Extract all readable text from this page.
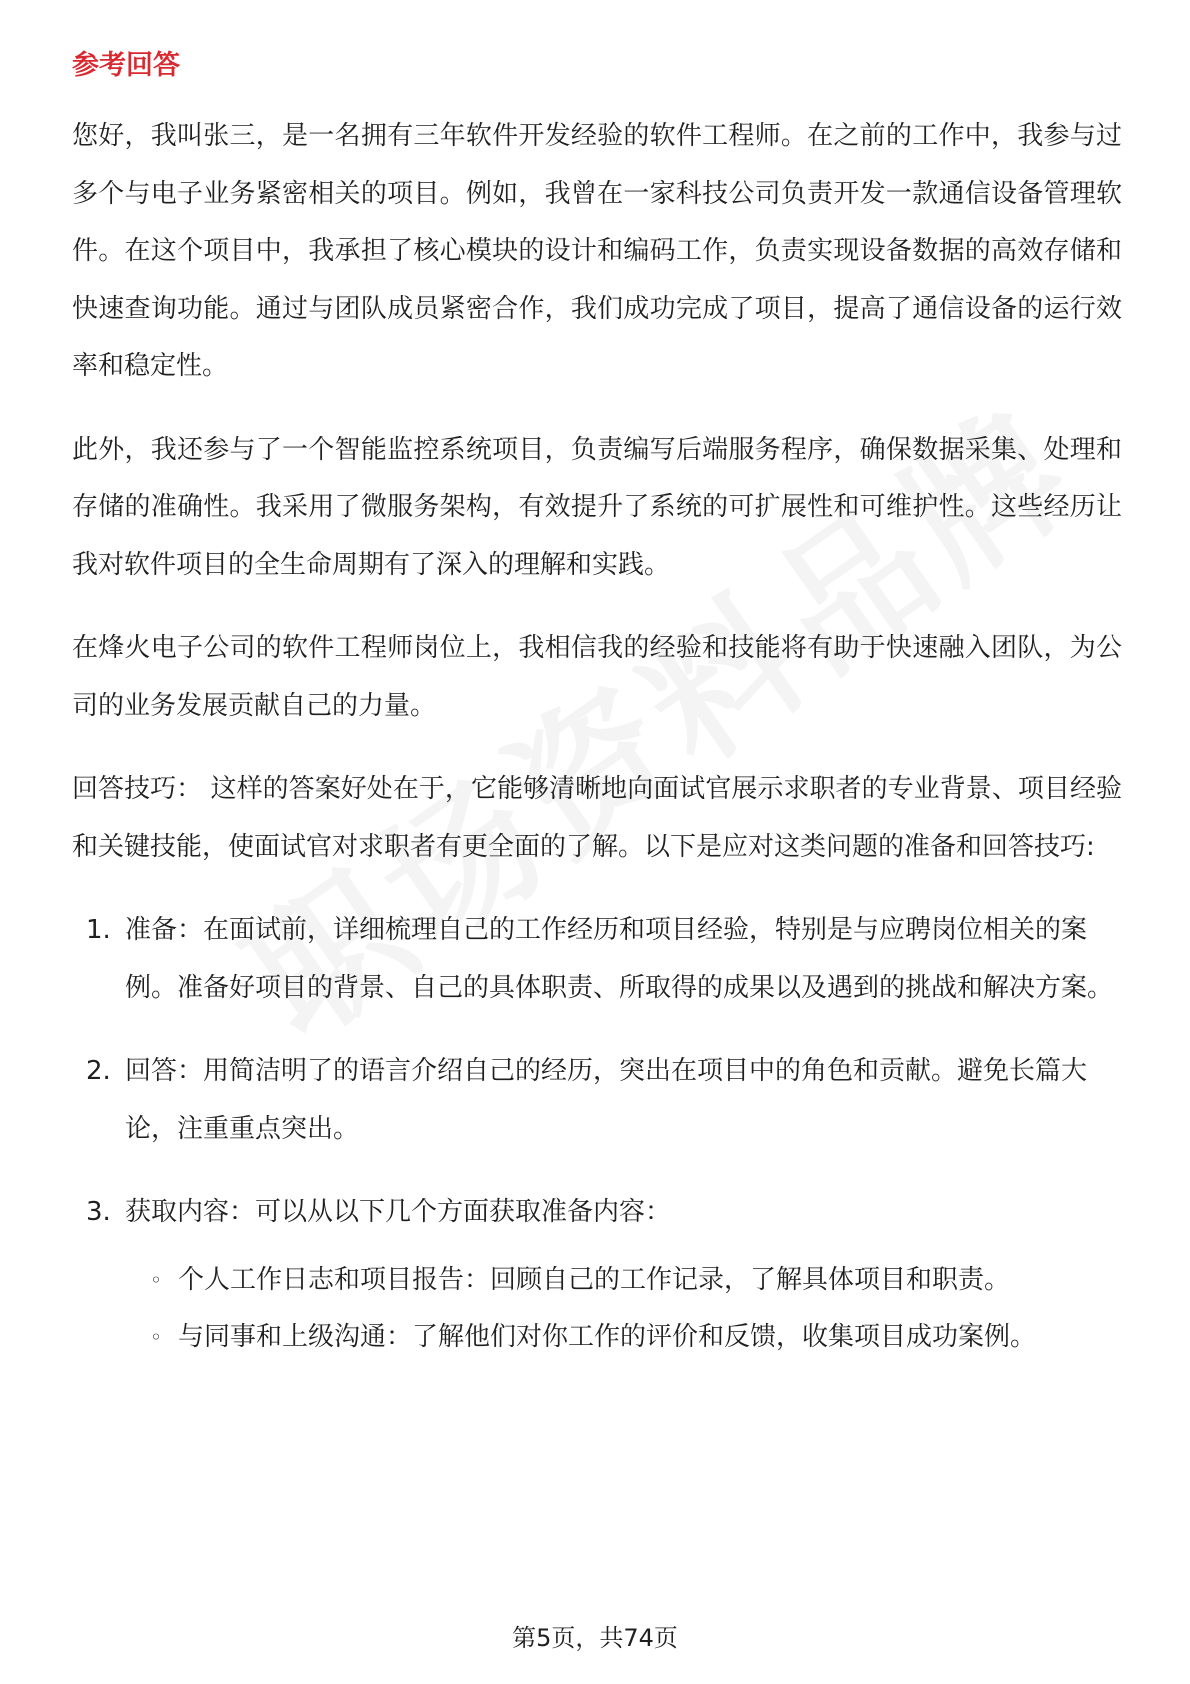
参考回答

您好，我叫张三，是一名拥有三年软件开发经验的软件工程师。在之前的工作中，我参与过多个与电子业务紧密相关的项目。例如，我曾在一家科技公司负责开发一款通信设备管理软件。在这个项目中，我承担了核心模块的设计和编码工作，负责实现设备数据的高效存储和快速查询功能。通过与团队成员紧密合作，我们成功完成了项目，提高了通信设备的运行效率和稳定性。

此外，我还参与了一个智能监控系统项目，负责编写后端服务程序，确保数据采集、处理和存储的准确性。我采用了微服务架构，有效提升了系统的可扩展性和可维护性。这些经历让我对软件项目的全生命周期有了深入的理解和实践。

在烽火电子公司的软件工程师岗位上，我相信我的经验和技能将有助于快速融入团队，为公司的业务发展贡献自己的力量。

回答技巧： 这样的答案好处在于，它能够清晰地向面试官展示求职者的专业背景、项目经验和关键技能，使面试官对求职者有更全面的了解。以下是应对这类问题的准备和回答技巧:

1. 准备：在面试前，详细梳理自己的工作经历和项目经验，特别是与应聘岗位相关的案例。准备好项目的背景、自己的具体职责、所取得的成果以及遇到的挑战和解决方案。
2. 回答：用简洁明了的语言介绍自己的经历，突出在项目中的角色和贡献。避免长篇大论，注重重点突出。
3. 获取内容：可以从以下几个方面获取准备内容：
◦ 个人工作日志和项目报告：回顾自己的工作记录，了解具体项目和职责。
◦ 与同事和上级沟通：了解他们对你工作的评价和反馈，收集项目成功案例。
第5页，共74页
